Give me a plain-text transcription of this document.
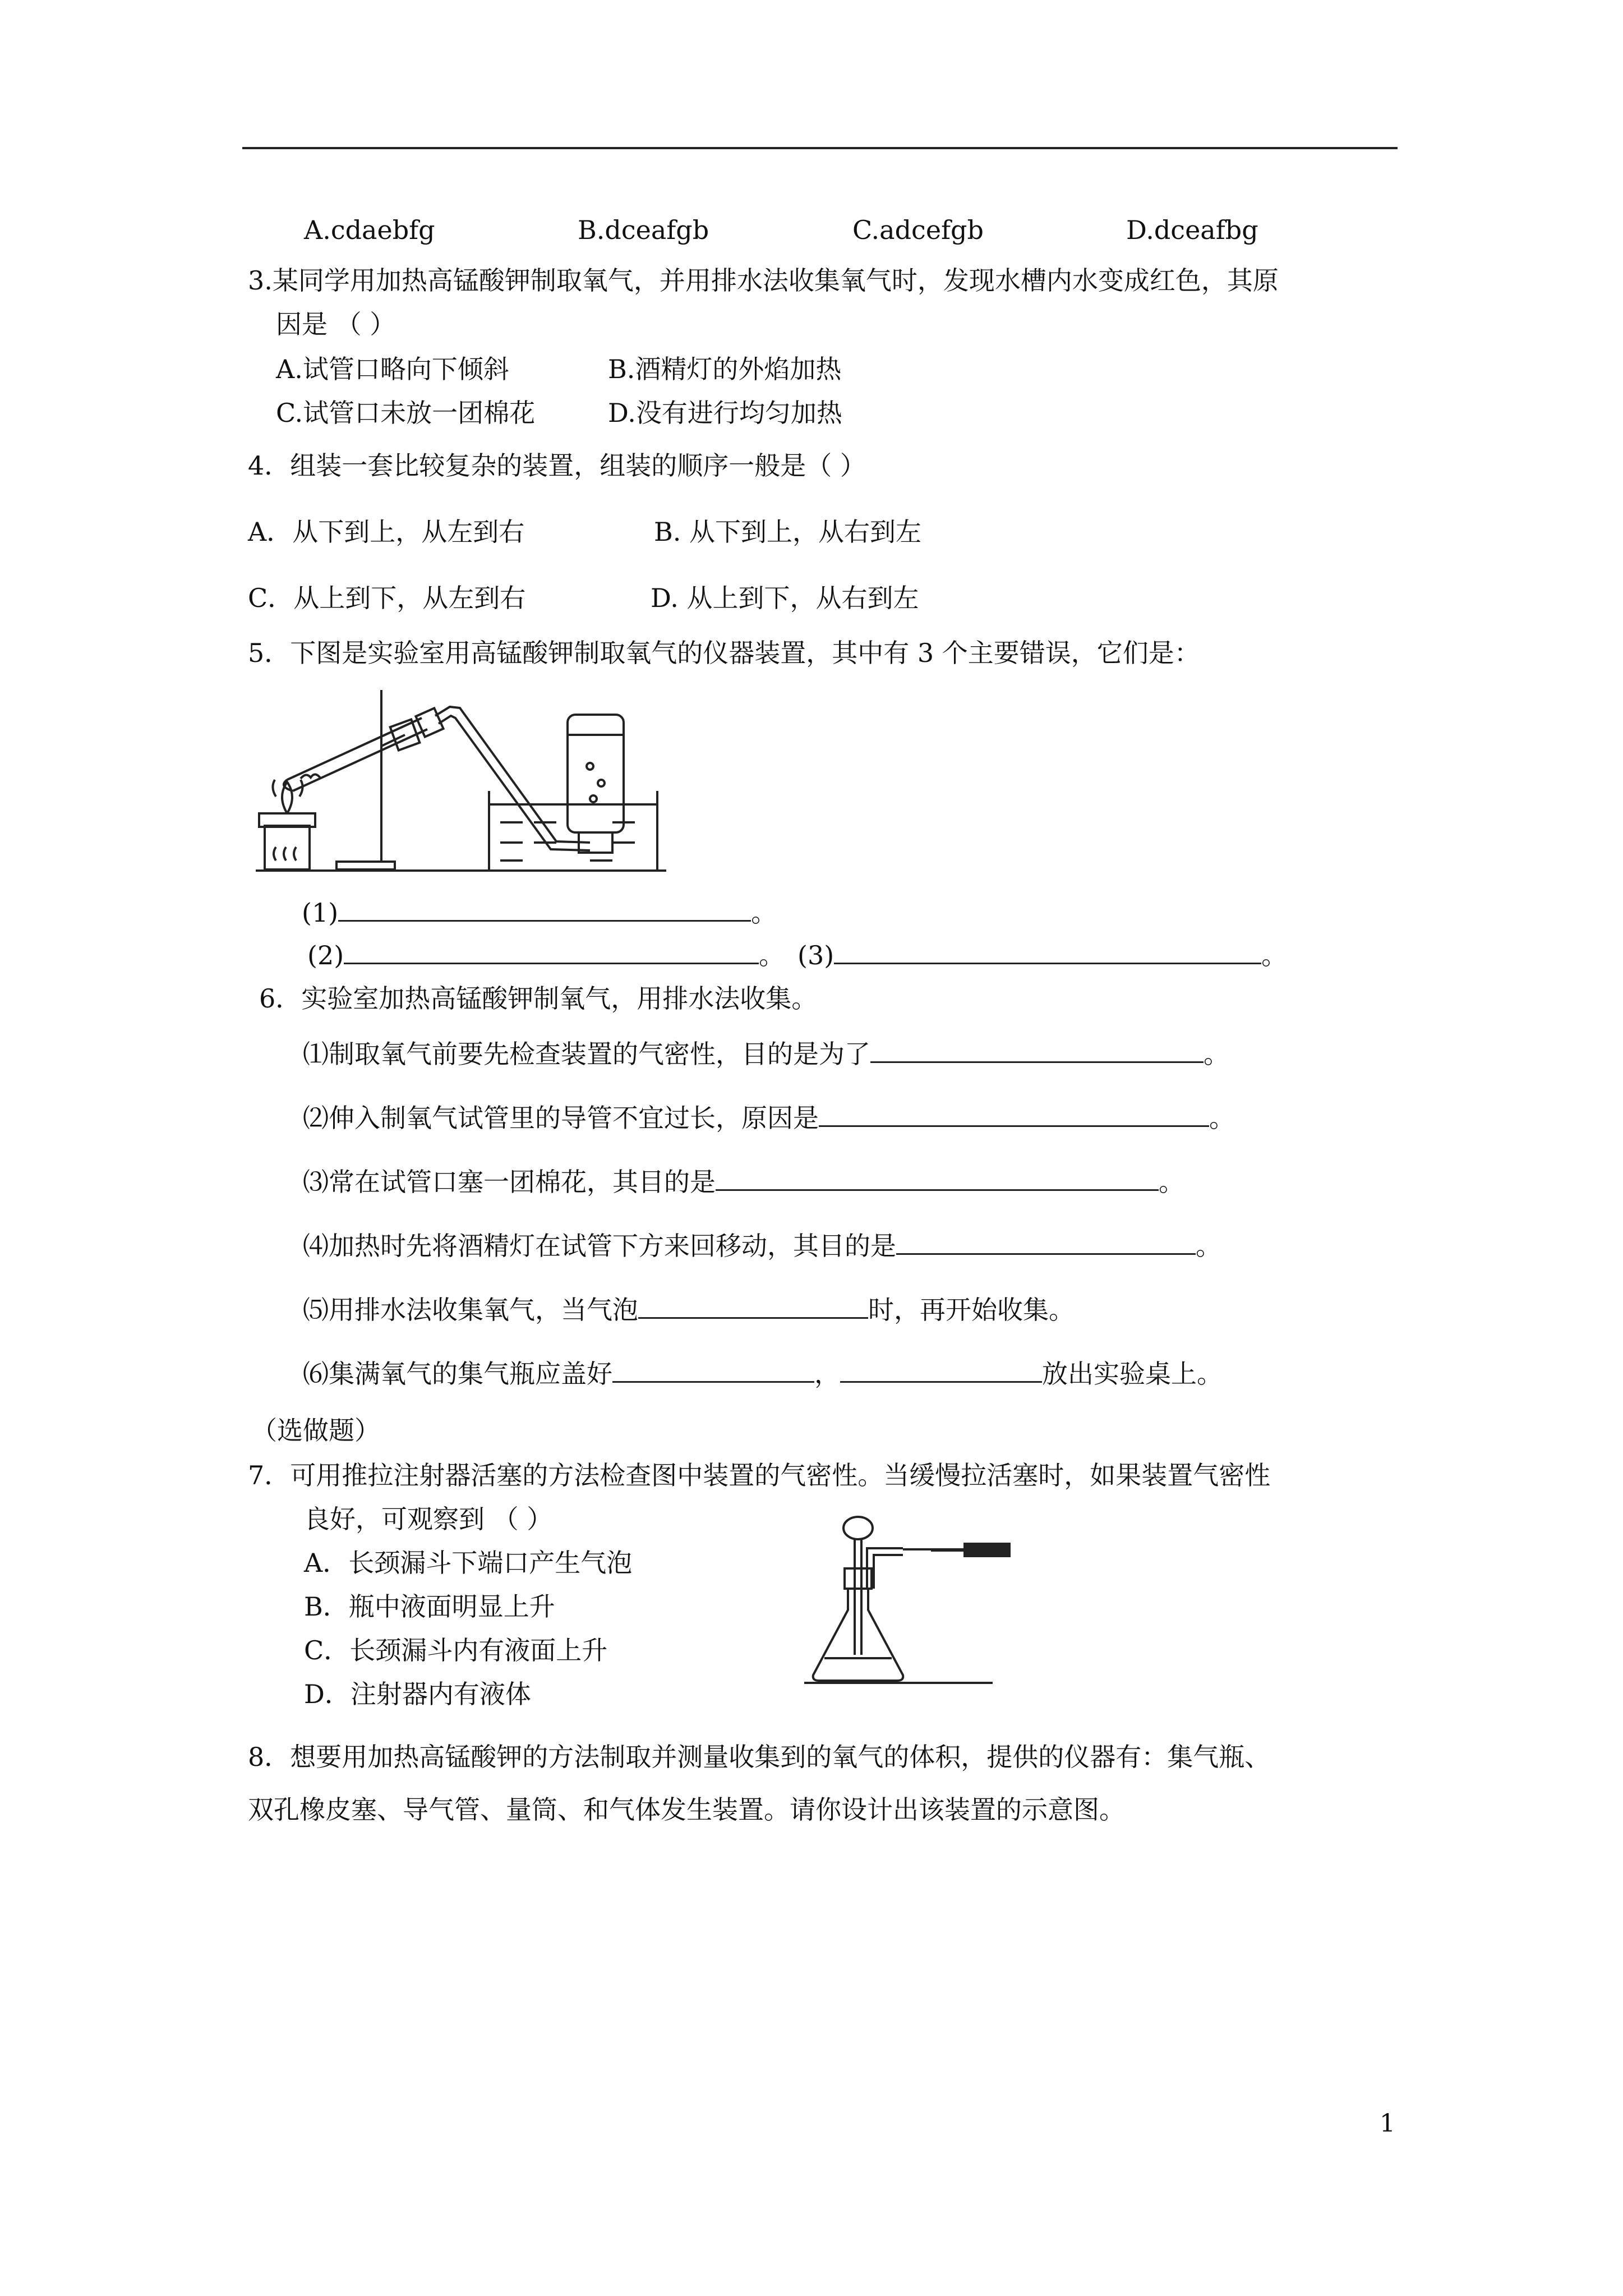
A.cdaebfg	B.dceafgb	C.adcefgb	D.dceafbg
3.某同学用加热高锰酸钾制取氧气，并用排水法收集氧气时，发现水槽内水变成红色，其原
因是 （ ）
A.试管口略向下倾斜	B.酒精灯的外焰加热
C.试管口未放一团棉花	D.没有进行均匀加热
4．组装一套比较复杂的装置，组装的顺序一般是（ ）
A．从下到上，从左到右	B. 从下到上，从右到左
C．从上到下，从左到右	D. 从上到下，从右到左
5．下图是实验室用高锰酸钾制取氧气的仪器装置，其中有 3 个主要错误，它们是：
(1)	。
(2)	。 (3)	。
6．实验室加热高锰酸钾制氧气，用排水法收集。
⑴制取氧气前要先检查装置的气密性，目的是为了	。
⑵伸入制氧气试管里的导管不宜过长，原因是	。
⑶常在试管口塞一团棉花，其目的是	。
⑷加热时先将酒精灯在试管下方来回移动，其目的是	。
⑸用排水法收集氧气，当气泡	时，再开始收集。
⑹集满氧气的集气瓶应盖好	，	放出实验桌上。
（选做题）
7．可用推拉注射器活塞的方法检查图中装置的气密性。当缓慢拉活塞时，如果装置气密性
良好，可观察到 （ ）
A．长颈漏斗下端口产生气泡
B．瓶中液面明显上升
C．长颈漏斗内有液面上升
D．注射器内有液体
8．想要用加热高锰酸钾的方法制取并测量收集到的氧气的体积，提供的仪器有：集气瓶、
双孔橡皮塞、导气管、量筒、和气体发生装置。请你设计出该装置的示意图。
1
